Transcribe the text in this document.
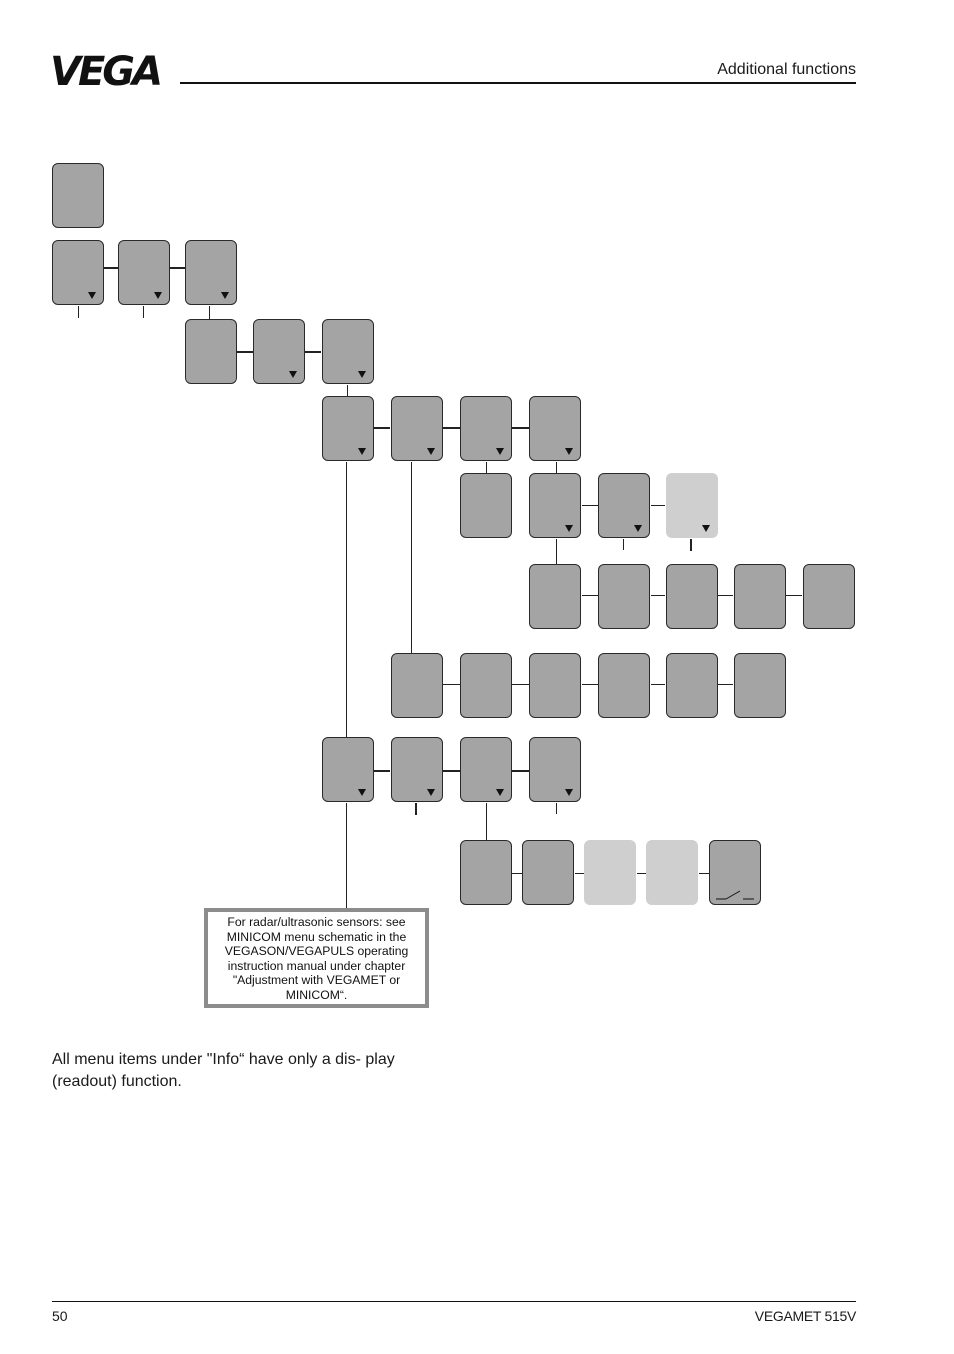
VEGA	Additional functions
For radar/ultrasonic sensors: see MINICOM menu schematic in the VEGASON/VEGAPULS operating instruction manual under chapter "Adjustment with VEGAMET or MINICOM“.
All menu items under "Info“ have only a dis- play (readout) function.
50	VEGAMET 515V
